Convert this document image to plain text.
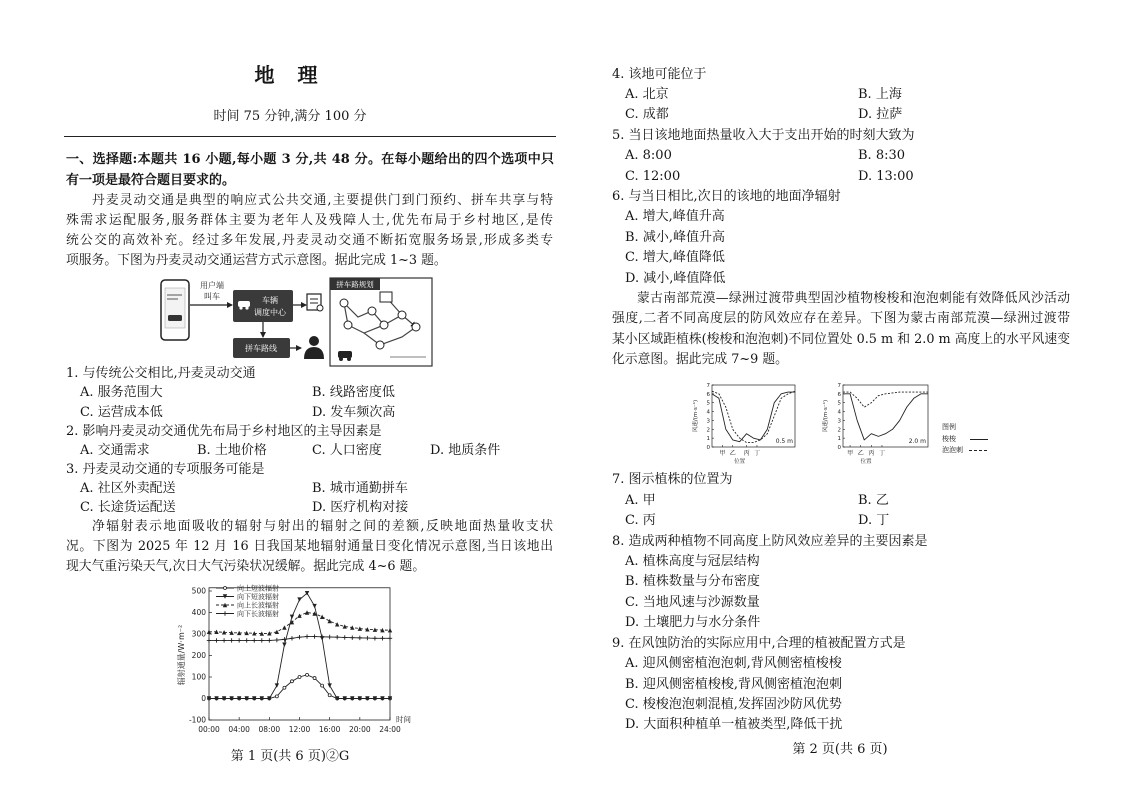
地 理
时间 75 分钟,满分 100 分
一、选择题:本题共 16 小题,每小题 3 分,共 48 分。在每小题给出的四个选项中只
有一项是最符合题目要求的。
丹麦灵动交通是典型的响应式公共交通,主要提供门到门预约、拼车共享与特
殊需求运配服务,服务群体主要为老年人及残障人士,优先布局于乡村地区,是传
统公交的高效补充。经过多年发展,丹麦灵动交通不断拓宽服务场景,形成多类专
项服务。下图为丹麦灵动交通运营方式示意图。据此完成 1~3 题。
用户端
叫车	车辆
调度中心
拼车路线
拼车路规划
1. 与传统公交相比,丹麦灵动交通
A. 服务范围大	B. 线路密度低
C. 运营成本低	D. 发车频次高
2. 影响丹麦灵动交通优先布局于乡村地区的主导因素是
A. 交通需求	B. 土地价格	C. 人口密度	D. 地质条件
3. 丹麦灵动交通的专项服务可能是
A. 社区外卖配送	B. 城市通勤拼车
C. 长途货运配送	D. 医疗机构对接
净辐射表示地面吸收的辐射与射出的辐射之间的差额,反映地面热量收支状
况。下图为 2025 年 12 月 16 日我国某地辐射通量日变化情况示意图,当日该地出
现大气重污染天气,次日大气污染状况缓解。据此完成 4~6 题。
-100
0
100
200
300
400
500
00:00 04:00 08:00 12:00 16:00 20:00 24:00
时间
辐射通量/W·m⁻²
向上短波辐射
向下短波辐射
向上长波辐射
向下长波辐射
第 1 页(共 6 页)②G
4. 该地可能位于
A. 北京	B. 上海
C. 成都	D. 拉萨
5. 当日该地地面热量收入大于支出开始的时刻大致为
A. 8:00	B. 8:30
C. 12:00	D. 13:00
6. 与当日相比,次日的该地的地面净辐射
A. 增大,峰值升高
B. 减小,峰值升高
C. 增大,峰值降低
D. 减小,峰值降低
蒙古南部荒漠—绿洲过渡带典型固沙植物梭梭和泡泡刺能有效降低风沙活动
强度,二者不同高度层的防风效应存在差异。下图为蒙古南部荒漠—绿洲过渡带
某小区域距植株(梭梭和泡泡刺)不同位置处 0.5 m 和 2.0 m 高度上的水平风速变
化示意图。据此完成 7~9 题。
0
1
2
3
4
5
6
7
风速/(m·s⁻¹)
甲 乙 丙 丁
位置
0.5 m
0
1
2
3
4
5
6
7
风速/(m·s⁻¹)
甲 乙 丙 丁
位置
2.0 m
图例
梭梭
泡泡刺
7. 图示植株的位置为
A. 甲	B. 乙
C. 丙	D. 丁
8. 造成两种植物不同高度上防风效应差异的主要因素是
A. 植株高度与冠层结构
B. 植株数量与分布密度
C. 当地风速与沙源数量
D. 土壤肥力与水分条件
9. 在风蚀防治的实际应用中,合理的植被配置方式是
A. 迎风侧密植泡泡刺,背风侧密植梭梭
B. 迎风侧密植梭梭,背风侧密植泡泡刺
C. 梭梭泡泡刺混植,发挥固沙防风优势
D. 大面积种植单一植被类型,降低干扰
第 2 页(共 6 页)
